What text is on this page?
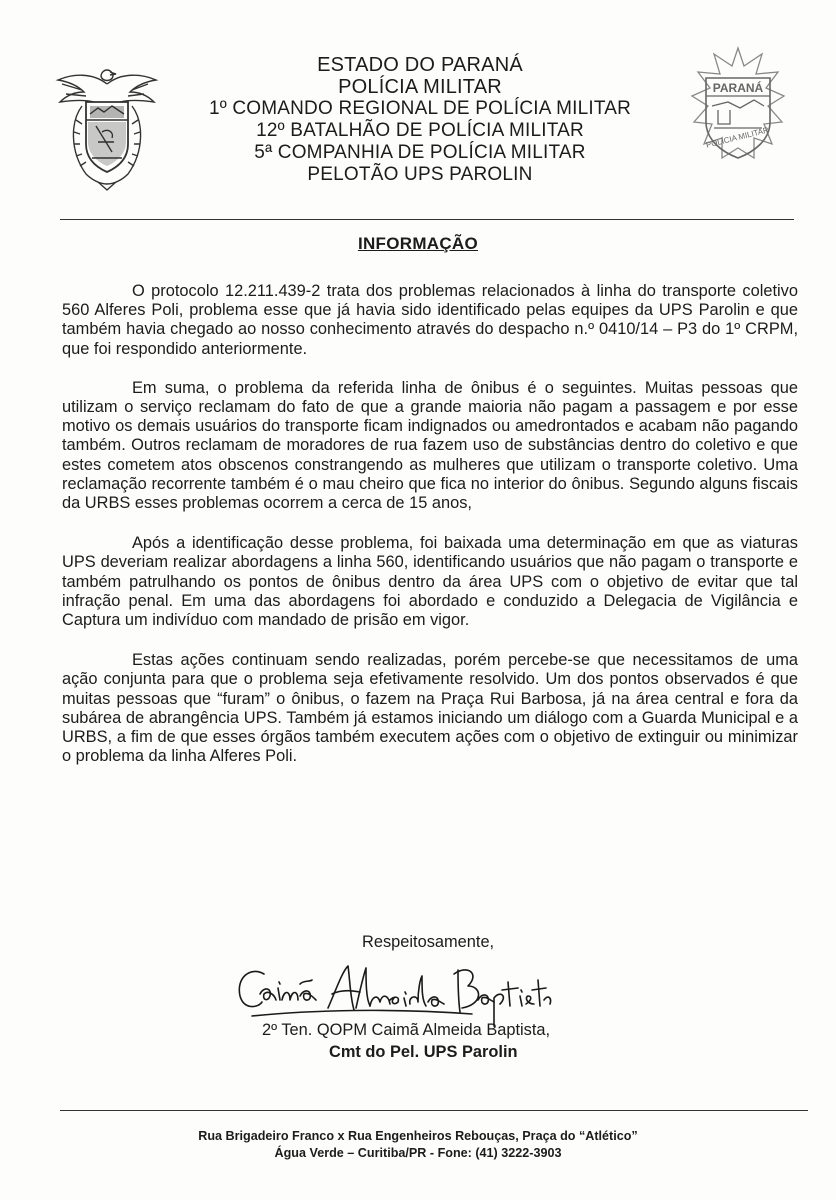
ESTADO DO PARANÁ
POLÍCIA MILITAR
1º COMANDO REGIONAL DE POLÍCIA MILITAR
12º BATALHÃO DE POLÍCIA MILITAR
5ª COMPANHIA DE POLÍCIA MILITAR
PELOTÃO UPS PAROLIN
PARANÁ
POLÍCIA MILITAR
INFORMAÇÃO

O protocolo 12.211.439-2 trata dos problemas relacionados à linha do transporte coletivo 560 Alferes Poli, problema esse que já havia sido identificado pelas equipes da UPS Parolin e que também havia chegado ao nosso conhecimento através do despacho n.º 0410/14 – P3 do 1º CRPM, que foi respondido anteriormente.

Em suma, o problema da referida linha de ônibus é o seguintes. Muitas pessoas que utilizam o serviço reclamam do fato de que a grande maioria não pagam a passagem e por esse motivo os demais usuários do transporte ficam indignados ou amedrontados e acabam não pagando também. Outros reclamam de moradores de rua fazem uso de substâncias dentro do coletivo e que estes cometem atos obscenos constrangendo as mulheres que utilizam o transporte coletivo. Uma reclamação recorrente também é o mau cheiro que fica no interior do ônibus. Segundo alguns fiscais da URBS esses problemas ocorrem a cerca de 15 anos,

Após a identificação desse problema, foi baixada uma determinação em que as viaturas UPS deveriam realizar abordagens a linha 560, identificando usuários que não pagam o transporte e também patrulhando os pontos de ônibus dentro da área UPS com o objetivo de evitar que tal infração penal. Em uma das abordagens foi abordado e conduzido a Delegacia de Vigilância e Captura um indivíduo com mandado de prisão em vigor.

Estas ações continuam sendo realizadas, porém percebe-se que necessitamos de uma ação conjunta para que o problema seja efetivamente resolvido. Um dos pontos observados é que muitas pessoas que “furam” o ônibus, o fazem na Praça Rui Barbosa, já na área central e fora da subárea de abrangência UPS. Também já estamos iniciando um diálogo com a Guarda Municipal e a URBS, a fim de que esses órgãos também executem ações com o objetivo de extinguir ou minimizar o problema da linha Alferes Poli.

Respeitosamente,
2º Ten. QOPM Caimã Almeida Baptista,
Cmt do Pel. UPS Parolin
Rua Brigadeiro Franco x Rua Engenheiros Rebouças, Praça do “Atlético”
Água Verde – Curitiba/PR - Fone: (41) 3222-3903
